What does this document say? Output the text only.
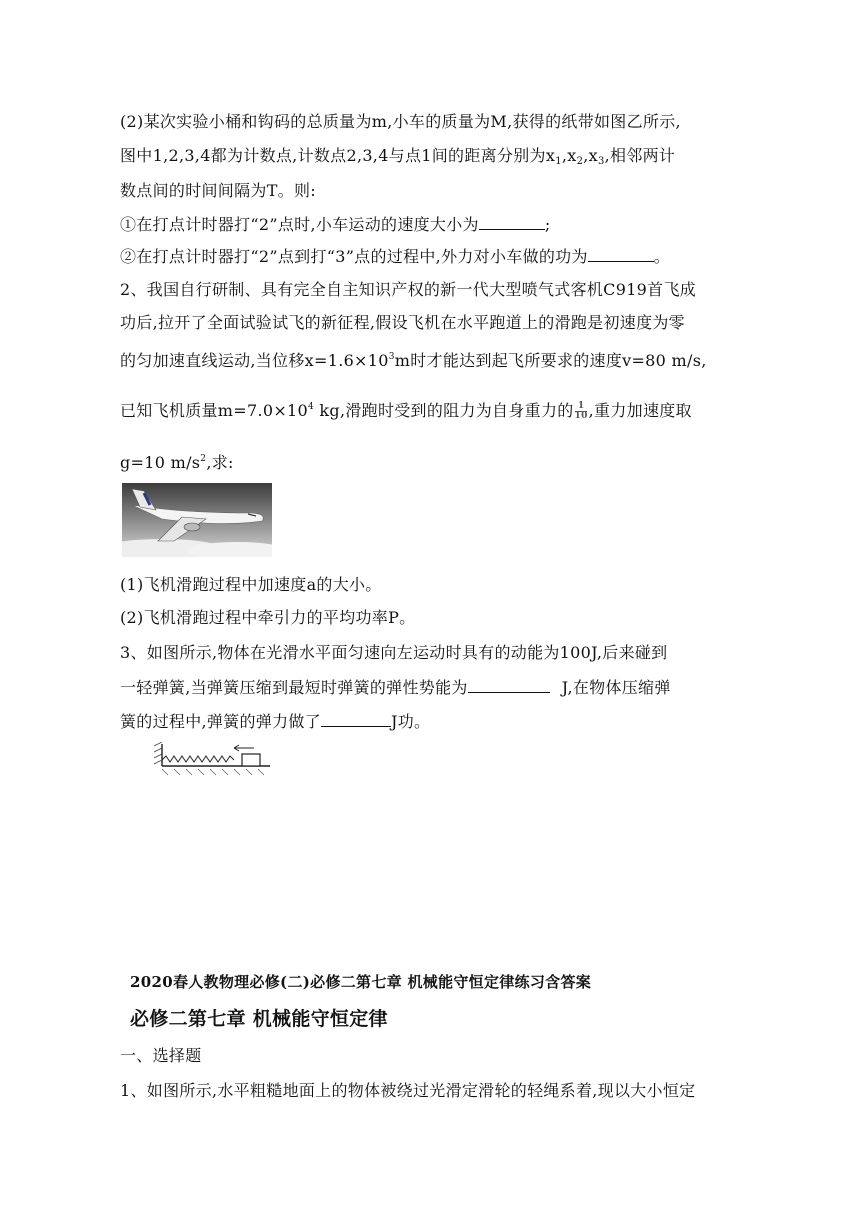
(2)某次实验小桶和钩码的总质量为m,小车的质量为M,获得的纸带如图乙所示,
图中1,2,3,4都为计数点,计数点2,3,4与点1间的距离分别为$x_1,x_2,x_3$,相邻两计
数点间的时间间隔为T。则:
①在打点计时器打“2”点时,小车运动的速度大小为	;
②在打点计时器打“2”点到打“3”点的过程中,外力对小车做的功为	。
2、我国自行研制、具有完全自主知识产权的新一代大型喷气式客机C919首飞成
功后,拉开了全面试验试飞的新征程,假设飞机在水平跑道上的滑跑是初速度为零
的匀加速直线运动,当位移$x=1.6\times 10^3m$时才能达到起飞所要求的速度v=80 m/s,
已知飞机质量$m=7.0\times 10^4$ kg,滑跑时受到的阻力为自身重力的 $\frac{1}{10}$ ,重力加速度取
g=10 $m/s^2$,求:
(1)飞机滑跑过程中加速度a的大小。
(2)飞机滑跑过程中牵引力的平均功率P。
3、如图所示,物体在光滑水平面匀速向左运动时具有的动能为100J,后来碰到
一轻弹簧,当弹簧压缩到最短时弹簧的弹性势能为	J,在物体压缩弹
簧的过程中,弹簧的弹力做了	J功。
2020春人教物理必修(二)必修二第七章 机械能守恒定律练习含答案
必修二第七章 机械能守恒定律
一、选择题
1、如图所示,水平粗糙地面上的物体被绕过光滑定滑轮的轻绳系着,现以大小恒定
